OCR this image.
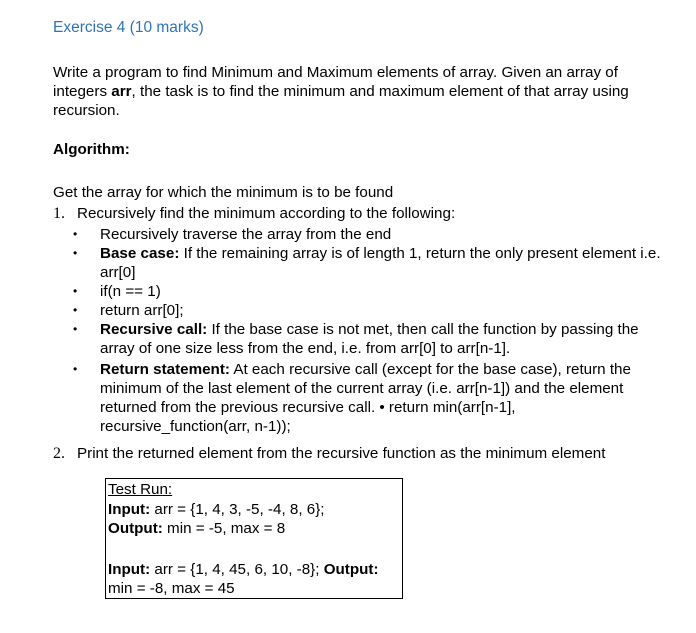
Exercise 4 (10 marks)
Write a program to find Minimum and Maximum elements of array. Given an array of integers arr, the task is to find the minimum and maximum element of that array using recursion.
Algorithm:
Get the array for which the minimum is to be found
1. Recursively find the minimum according to the following:
• Recursively traverse the array from the end
• Base case: If the remaining array is of length 1, return the only present element i.e. arr[0]
• if(n == 1)
• return arr[0];
• Recursive call: If the base case is not met, then call the function by passing the array of one size less from the end, i.e. from arr[0] to arr[n-1].
• Return statement: At each recursive call (except for the base case), return the minimum of the last element of the current array (i.e. arr[n-1]) and the element returned from the previous recursive call. • return min(arr[n-1], recursive_function(arr, n-1));
2. Print the returned element from the recursive function as the minimum element
Test Run:
Input: arr = {1, 4, 3, -5, -4, 8, 6};
Output: min = -5, max = 8
Input: arr = {1, 4, 45, 6, 10, -8}; Output:
min = -8, max = 45
